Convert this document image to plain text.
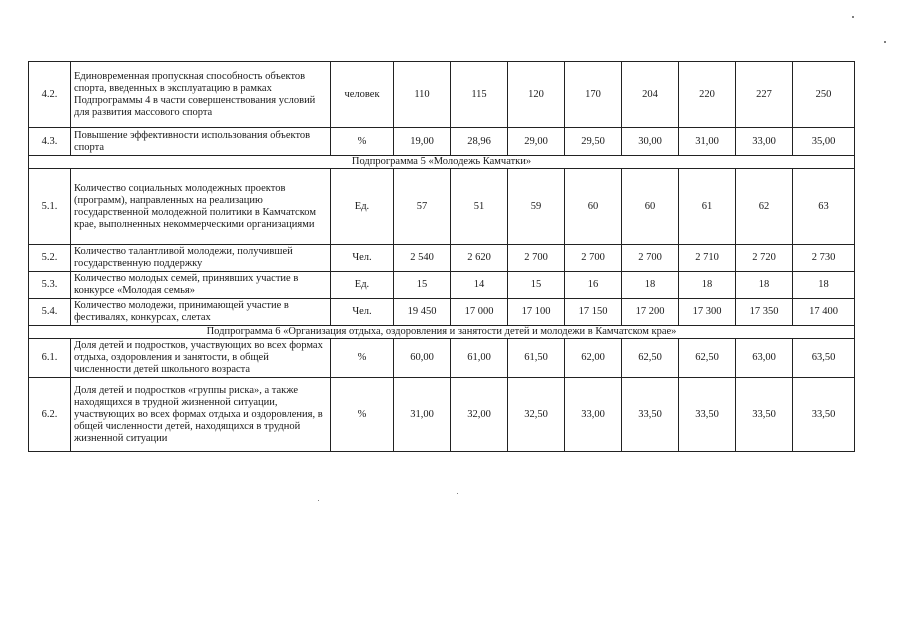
4.2.	Единовременная пропускная способность объектов спорта, введенных в эксплуатацию в рамках Подпрограммы 4 в части совершенствования условий для развития массового спорта	человек	110	115	120	170	204	220	227	250
4.3.	Повышение эффективности использования объектов спорта	%	19,00	28,96	29,00	29,50	30,00	31,00	33,00	35,00
Подпрограмма 5 «Молодежь Камчатки»										
5.1.	Количество социальных молодежных проектов (программ), направленных на реализацию государственной молодежной политики в Камчатском крае, выполненных некоммерческими организациями	Ед.	57	51	59	60	60	61	62	63
5.2.	Количество талантливой молодежи, получившей государственную поддержку	Чел.	2 540	2 620	2 700	2 700	2 700	2 710	2 720	2 730
5.3.	Количество молодых семей, принявших участие в конкурсе «Молодая семья»	Ед.	15	14	15	16	18	18	18	18
5.4.	Количество молодежи, принимающей участие в фестивалях, конкурсах, слетах	Чел.	19 450	17 000	17 100	17 150	17 200	17 300	17 350	17 400
Подпрограмма 6 «Организация отдыха, оздоровления и занятости детей и молодежи в Камчатском крае»										
6.1.	Доля детей и подростков, участвующих во всех формах отдыха, оздоровления и занятости, в общей численности детей школьного возраста	%	60,00	61,00	61,50	62,00	62,50	62,50	63,00	63,50
6.2.	Доля детей и подростков «группы риска», а также находящихся в трудной жизненной ситуации, участвующих во всех формах отдыха и оздоровления, в общей численности детей, находящихся в трудной жизненной ситуации	%	31,00	32,00	32,50	33,00	33,50	33,50	33,50	33,50
